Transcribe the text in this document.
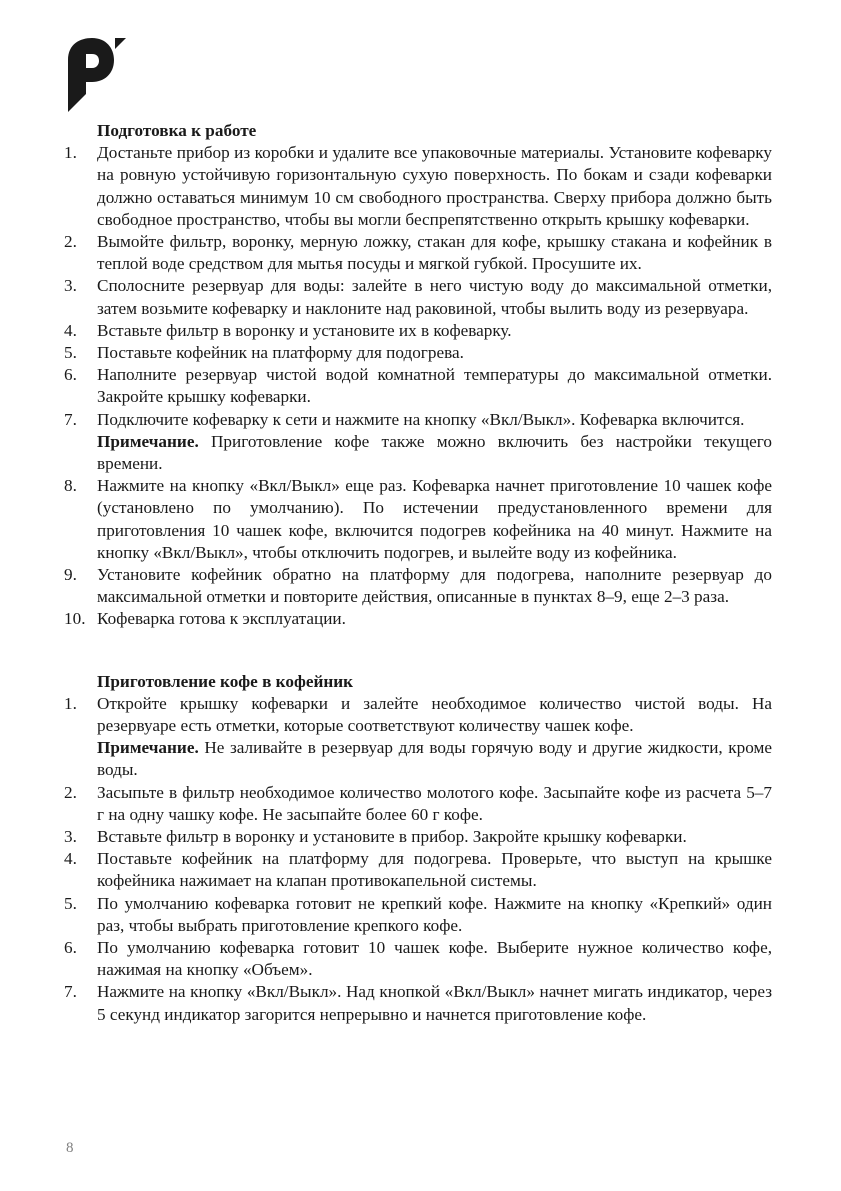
Подготовка к работе
1.	Достаньте прибор из коробки и удалите все упаковочные материалы. Установите кофеварку на ровную устойчивую горизонтальную сухую поверхность. По бокам и сзади кофеварки должно оставаться минимум 10 см свободного пространства. Сверху прибора должно быть свободное пространство, чтобы вы могли беспрепятственно открыть крышку кофеварки.
2.	Вымойте фильтр, воронку, мерную ложку, стакан для кофе, крышку стакана и кофейник в теплой воде средством для мытья посуды и мягкой губкой. Просушите их.
3.	Сполосните резервуар для воды: залейте в него чистую воду до максимальной отметки, затем возьмите кофеварку и наклоните над раковиной, чтобы вылить воду из резервуара.
4.	Вставьте фильтр в воронку и установите их в кофеварку.
5.	Поставьте кофейник на платформу для подогрева.
6.	Наполните резервуар чистой водой комнатной температуры до максимальной отметки. Закройте крышку кофеварки.
7.	Подключите кофеварку к сети и нажмите на кнопку «Вкл/Выкл». Кофеварка включится.
Примечание. Приготовление кофе также можно включить без настройки текущего времени.
8.	Нажмите на кнопку «Вкл/Выкл» еще раз. Кофеварка начнет приготовление 10 чашек кофе (установлено по умолчанию). По истечении предустановленного времени для приготовления 10 чашек кофе, включится подогрев кофейника на 40 минут. Нажмите на кнопку «Вкл/Выкл», чтобы отключить подогрев, и вылейте воду из кофейника.
9.	Установите кофейник обратно на платформу для подогрева, наполните резервуар до максимальной отметки и повторите действия, описанные в пунктах 8–9, еще 2–3 раза.
10. Кофеварка готова к эксплуатации.
Приготовление кофе в кофейник
1.	Откройте крышку кофеварки и залейте необходимое количество чистой воды. На резервуаре есть отметки, которые соответствуют количеству чашек кофе.
Примечание. Не заливайте в резервуар для воды горячую воду и другие жидкости, кроме воды.
2.	Засыпьте в фильтр необходимое количество молотого кофе. Засыпайте кофе из расчета 5–7 г на одну чашку кофе. Не засыпайте более 60 г кофе.
3.	Вставьте фильтр в воронку и установите в прибор. Закройте крышку кофеварки.
4.	Поставьте кофейник на платформу для подогрева. Проверьте, что выступ на крышке кофейника нажимает на клапан противокапельной системы.
5.	По умолчанию кофеварка готовит не крепкий кофе. Нажмите на кнопку «Крепкий» один раз, чтобы выбрать приготовление крепкого кофе.
6.	По умолчанию кофеварка готовит 10 чашек кофе. Выберите нужное количество кофе, нажимая на кнопку «Объем».
7.	Нажмите на кнопку «Вкл/Выкл». Над кнопкой «Вкл/Выкл» начнет мигать индикатор, через 5 секунд индикатор загорится непрерывно и начнется приготовление кофе.
8
